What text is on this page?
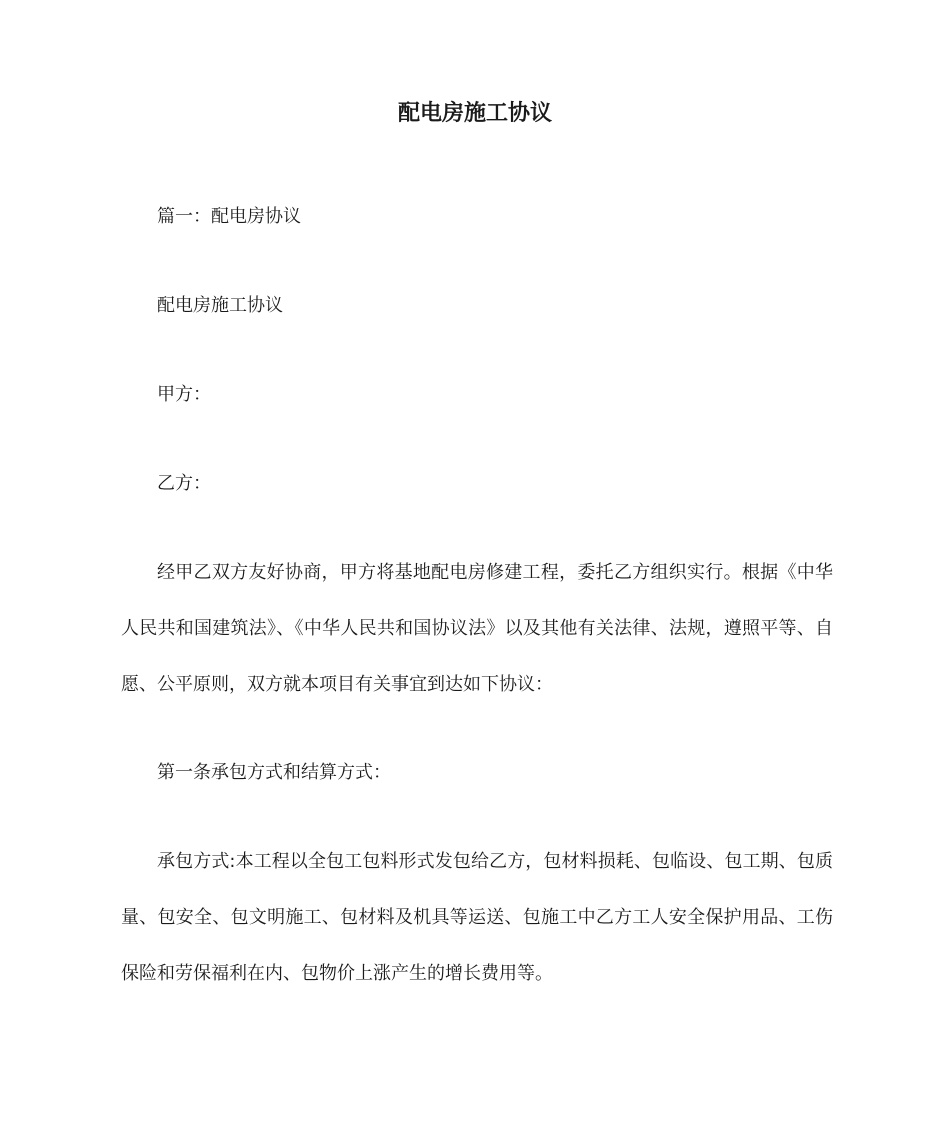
配电房施工协议

篇一：配电房协议

配电房施工协议

甲方：

乙方：

经甲乙双方友好协商，甲方将基地配电房修建工程，委托乙方组织实行。根据《中华人民共和国建筑法》、《中华人民共和国协议法》以及其他有关法律、法规，遵照平等、自愿、公平原则，双方就本项目有关事宜到达如下协议：

第一条承包方式和结算方式：

承包方式:本工程以全包工包料形式发包给乙方，包材料损耗、包临设、包工期、包质量、包安全、包文明施工、包材料及机具等运送、包施工中乙方工人安全保护用品、工伤保险和劳保福利在内、包物价上涨产生的增长费用等。
